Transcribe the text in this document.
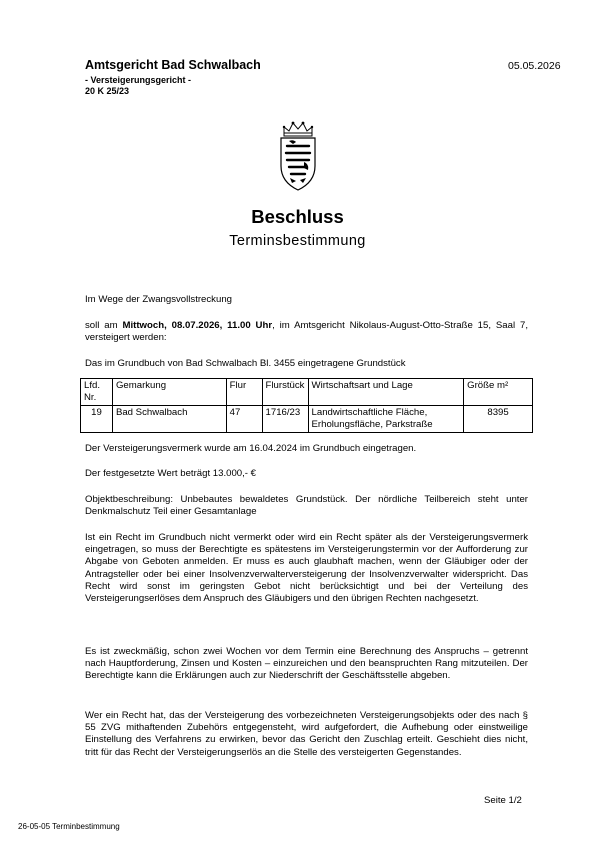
Amtsgericht Bad Schwalbach
- Versteigerungsgericht -
20 K 25/23
05.05.2026
Beschluss
Terminsbestimmung

Im Wege der Zwangsvollstreckung

soll am Mittwoch, 08.07.2026, 11.00 Uhr, im Amtsgericht Nikolaus-August-Otto-Straße 15, Saal 7, versteigert werden:

Das im Grundbuch von Bad Schwalbach Bl. 3455 eingetragene Grundstück

Lfd. Nr.	Gemarkung	Flur	Flurstück	Wirtschaftsart und Lage	Größe m²
19	Bad Schwalbach	47	1716/23	Landwirtschaftliche Fläche, Erholungsfläche, Parkstraße	8395

Der Versteigerungsvermerk wurde am 16.04.2024 im Grundbuch eingetragen.

Der festgesetzte Wert beträgt 13.000,- €

Objektbeschreibung: Unbebautes bewaldetes Grundstück. Der nördliche Teilbereich steht unter Denkmalschutz Teil einer Gesamtanlage

Ist ein Recht im Grundbuch nicht vermerkt oder wird ein Recht später als der Versteigerungsvermerk eingetragen, so muss der Berechtigte es spätestens im Versteigerungstermin vor der Aufforderung zur Abgabe von Geboten anmelden. Er muss es auch glaubhaft machen, wenn der Gläubiger oder der Antragsteller oder bei einer Insolvenzverwalterversteigerung der Insolvenzverwalter widerspricht. Das Recht wird sonst im geringsten Gebot nicht berücksichtigt und bei der Verteilung des Versteigerungserlöses dem Anspruch des Gläubigers und den übrigen Rechten nachgesetzt.

Es ist zweckmäßig, schon zwei Wochen vor dem Termin eine Berechnung des Anspruchs – getrennt nach Hauptforderung, Zinsen und Kosten – einzureichen und den beanspruchten Rang mitzuteilen. Der Berechtigte kann die Erklärungen auch zur Niederschrift der Geschäftsstelle abgeben.

Wer ein Recht hat, das der Versteigerung des vorbezeichneten Versteigerungsobjekts oder des nach § 55 ZVG mithaftenden Zubehörs entgegensteht, wird aufgefordert, die Aufhebung oder einstweilige Einstellung des Verfahrens zu erwirken, bevor das Gericht den Zuschlag erteilt. Geschieht dies nicht, tritt für das Recht der Versteigerungserlös an die Stelle des versteigerten Gegenstandes.

Seite 1/2
26-05-05 Terminbestimmung
